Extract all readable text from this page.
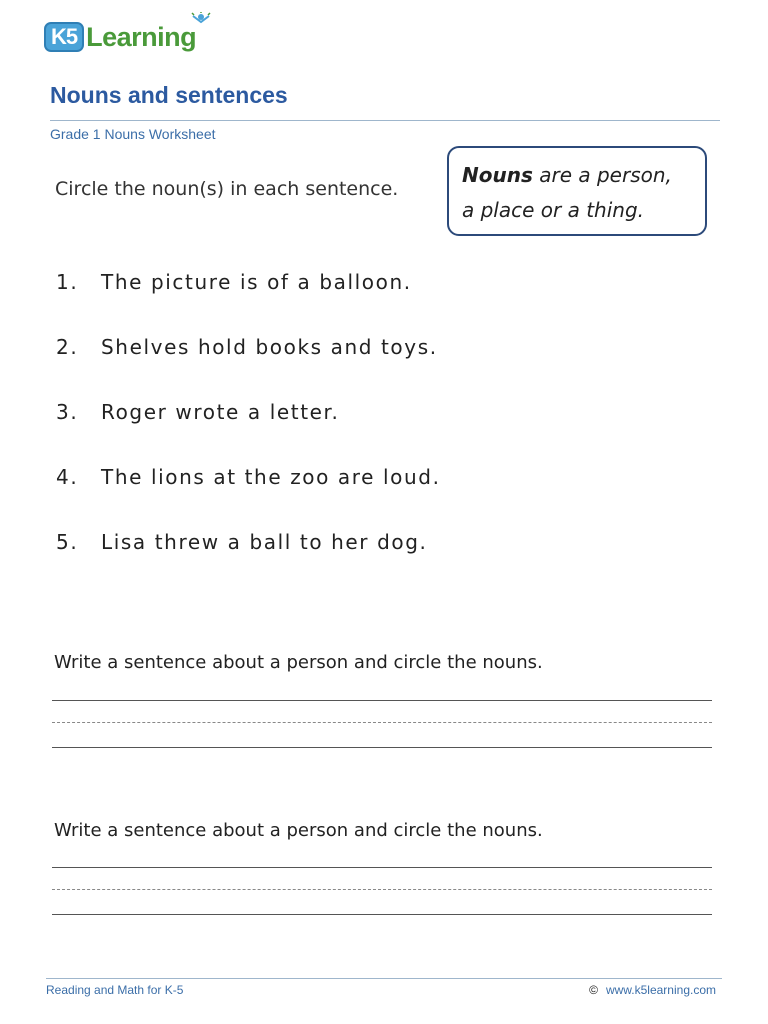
K5 Learning
Nouns and sentences
Grade 1 Nouns Worksheet
Circle the noun(s) in each sentence.
Nouns are a person,
a place or a thing.
1.	The picture is of a balloon.
2.	Shelves hold books and toys.
3.	Roger wrote a letter.
4.	The lions at the zoo are loud.
5.	Lisa threw a ball to her dog.
Write a sentence about a person and circle the nouns.
Write a sentence about a person and circle the nouns.
Reading and Math for K-5	© www.k5learning.com
